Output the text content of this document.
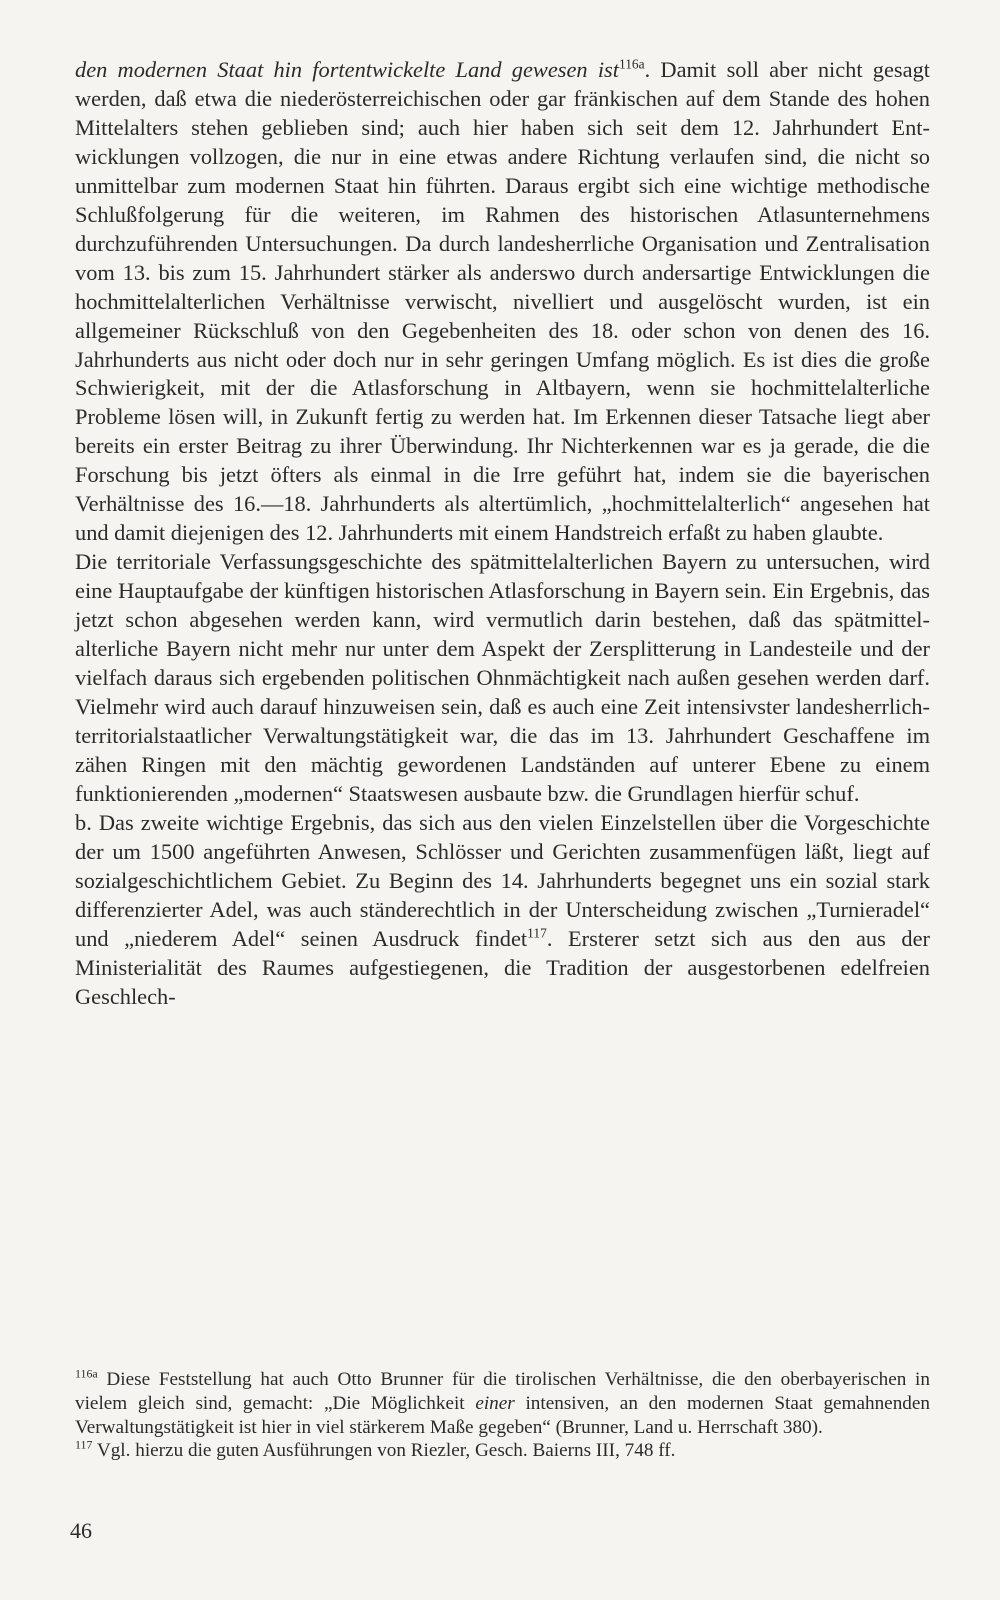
den modernen Staat hin fortentwickelte Land gewesen ist$^{116a}$. Damit soll aber nicht gesagt werden, daß etwa die niederösterreichischen oder gar fränkischen auf dem Stande des hohen Mittelalters stehen geblieben sind; auch hier haben sich seit dem 12. Jahrhundert Entwicklungen vollzogen, die nur in eine etwas andere Richtung verlaufen sind, die nicht so unmittelbar zum modernen Staat hin führten. Daraus ergibt sich eine wichtige methodische Schlußfolgerung für die weiteren, im Rahmen des historischen Atlasunternehmens durchzuführenden Untersuchungen. Da durch landesherrliche Organisation und Zentralisation vom 13. bis zum 15. Jahrhundert stärker als anderswo durch andersartige Entwicklungen die hochmittelalterlichen Verhältnisse verwischt, nivelliert und ausgelöscht wurden, ist ein allgemeiner Rückschluß von den Gegebenheiten des 18. oder schon von denen des 16. Jahrhunderts aus nicht oder doch nur in sehr geringen Umfang möglich. Es ist dies die große Schwierigkeit, mit der die Atlasforschung in Altbayern, wenn sie hochmittelalterliche Probleme lösen will, in Zukunft fertig zu werden hat. Im Erkennen dieser Tatsache liegt aber bereits ein erster Beitrag zu ihrer Überwindung. Ihr Nichterkennen war es ja gerade, die die Forschung bis jetzt öfters als einmal in die Irre geführt hat, indem sie die bayerischen Verhältnisse des 16.—18. Jahrhunderts als altertümlich, „hochmittelalterlich“ angesehen hat und damit diejenigen des 12. Jahrhunderts mit einem Handstreich erfaßt zu haben glaubte.

Die territoriale Verfassungsgeschichte des spätmittelalterlichen Bayern zu untersuchen, wird eine Hauptaufgabe der künftigen historischen Atlasforschung in Bayern sein. Ein Ergebnis, das jetzt schon abgesehen werden kann, wird vermutlich darin bestehen, daß das spätmittelalterliche Bayern nicht mehr nur unter dem Aspekt der Zersplitterung in Landesteile und der vielfach daraus sich ergebenden politischen Ohnmächtigkeit nach außen gesehen werden darf. Vielmehr wird auch darauf hinzuweisen sein, daß es auch eine Zeit intensivster landesherrlich-territorialstaatlicher Verwaltungstätigkeit war, die das im 13. Jahrhundert Geschaffene im zähen Ringen mit den mächtig gewordenen Landständen auf unterer Ebene zu einem funktionierenden „modernen“ Staatswesen ausbaute bzw. die Grundlagen hierfür schuf.

b. Das zweite wichtige Ergebnis, das sich aus den vielen Einzelstellen über die Vorgeschichte der um 1500 angeführten Anwesen, Schlösser und Gerichten zusammenfügen läßt, liegt auf sozialgeschichtlichem Gebiet. Zu Beginn des 14. Jahrhunderts begegnet uns ein sozial stark differenzierter Adel, was auch ständerechtlich in der Unterscheidung zwischen „Turnieradel“ und „niederem Adel“ seinen Ausdruck findet$^{117}$. Ersterer setzt sich aus den aus der Ministerialität des Raumes aufgestiegenen, die Tradition der ausgestorbenen edelfreien Geschlech-

$^{116a}$ Diese Feststellung hat auch Otto Brunner für die tirolischen Verhältnisse, die den oberbayerischen in vielem gleich sind, gemacht: „Die Möglichkeit einer intensiven, an den modernen Staat gemahnenden Verwaltungstätigkeit ist hier in viel stärkerem Maße gegeben“ (Brunner, Land u. Herrschaft 380).

$^{117}$ Vgl. hierzu die guten Ausführungen von Riezler, Gesch. Baierns III, 748 ff.

46
